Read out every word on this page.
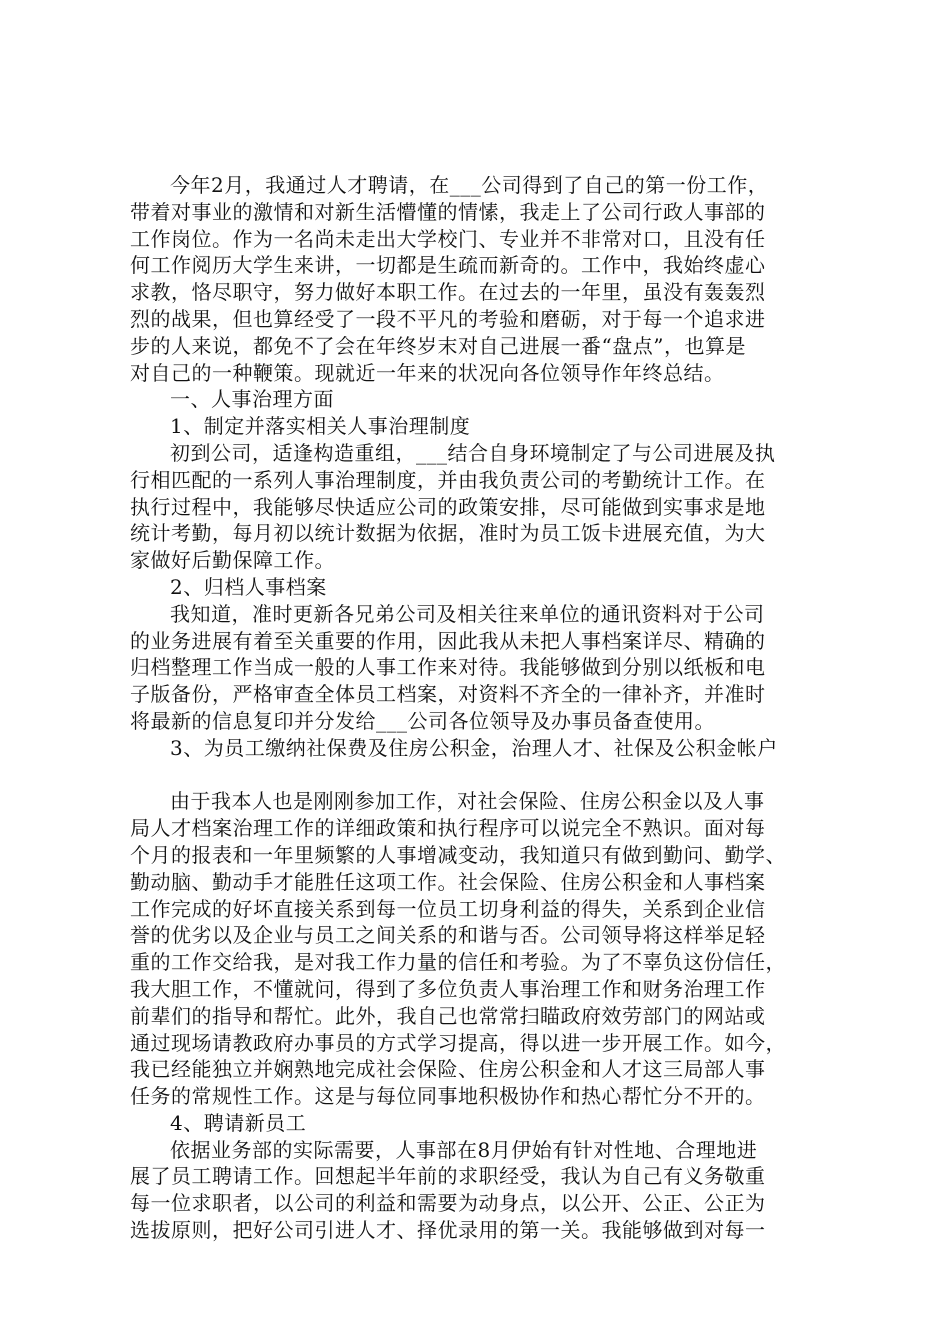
今年2月，我通过人才聘请，在___公司得到了自己的第一份工作，
带着对事业的激情和对新生活懵懂的情愫，我走上了公司行政人事部的
工作岗位。作为一名尚未走出大学校门、专业并不非常对口，且没有任
何工作阅历大学生来讲，一切都是生疏而新奇的。工作中，我始终虚心
求教，恪尽职守，努力做好本职工作。在过去的一年里，虽没有轰轰烈
烈的战果，但也算经受了一段不平凡的考验和磨砺，对于每一个追求进
步的人来说，都免不了会在年终岁末对自己进展一番“盘点”，也算是
对自己的一种鞭策。现就近一年来的状况向各位领导作年终总结。
一、人事治理方面
1、制定并落实相关人事治理制度
初到公司，适逢构造重组，___结合自身环境制定了与公司进展及执
行相匹配的一系列人事治理制度，并由我负责公司的考勤统计工作。在
执行过程中，我能够尽快适应公司的政策安排，尽可能做到实事求是地
统计考勤，每月初以统计数据为依据，准时为员工饭卡进展充值，为大
家做好后勤保障工作。
2、归档人事档案
我知道，准时更新各兄弟公司及相关往来单位的通讯资料对于公司
的业务进展有着至关重要的作用，因此我从未把人事档案详尽、精确的
归档整理工作当成一般的人事工作来对待。我能够做到分别以纸板和电
子版备份，严格审查全体员工档案，对资料不齐全的一律补齐，并准时
将最新的信息复印并分发给___公司各位领导及办事员备查使用。
3、为员工缴纳社保费及住房公积金，治理人才、社保及公积金帐户
由于我本人也是刚刚参加工作，对社会保险、住房公积金以及人事
局人才档案治理工作的详细政策和执行程序可以说完全不熟识。面对每
个月的报表和一年里频繁的人事增减变动，我知道只有做到勤问、勤学、
勤动脑、勤动手才能胜任这项工作。社会保险、住房公积金和人事档案
工作完成的好坏直接关系到每一位员工切身利益的得失，关系到企业信
誉的优劣以及企业与员工之间关系的和谐与否。公司领导将这样举足轻
重的工作交给我，是对我工作力量的信任和考验。为了不辜负这份信任，
我大胆工作，不懂就问，得到了多位负责人事治理工作和财务治理工作
前辈们的指导和帮忙。此外，我自己也常常扫瞄政府效劳部门的网站或
通过现场请教政府办事员的方式学习提高，得以进一步开展工作。如今，
我已经能独立并娴熟地完成社会保险、住房公积金和人才这三局部人事
任务的常规性工作。这是与每位同事地积极协作和热心帮忙分不开的。
4、聘请新员工
依据业务部的实际需要，人事部在8月伊始有针对性地、合理地进
展了员工聘请工作。回想起半年前的求职经受，我认为自己有义务敬重
每一位求职者，以公司的利益和需要为动身点，以公开、公正、公正为
选拔原则，把好公司引进人才、择优录用的第一关。我能够做到对每一
